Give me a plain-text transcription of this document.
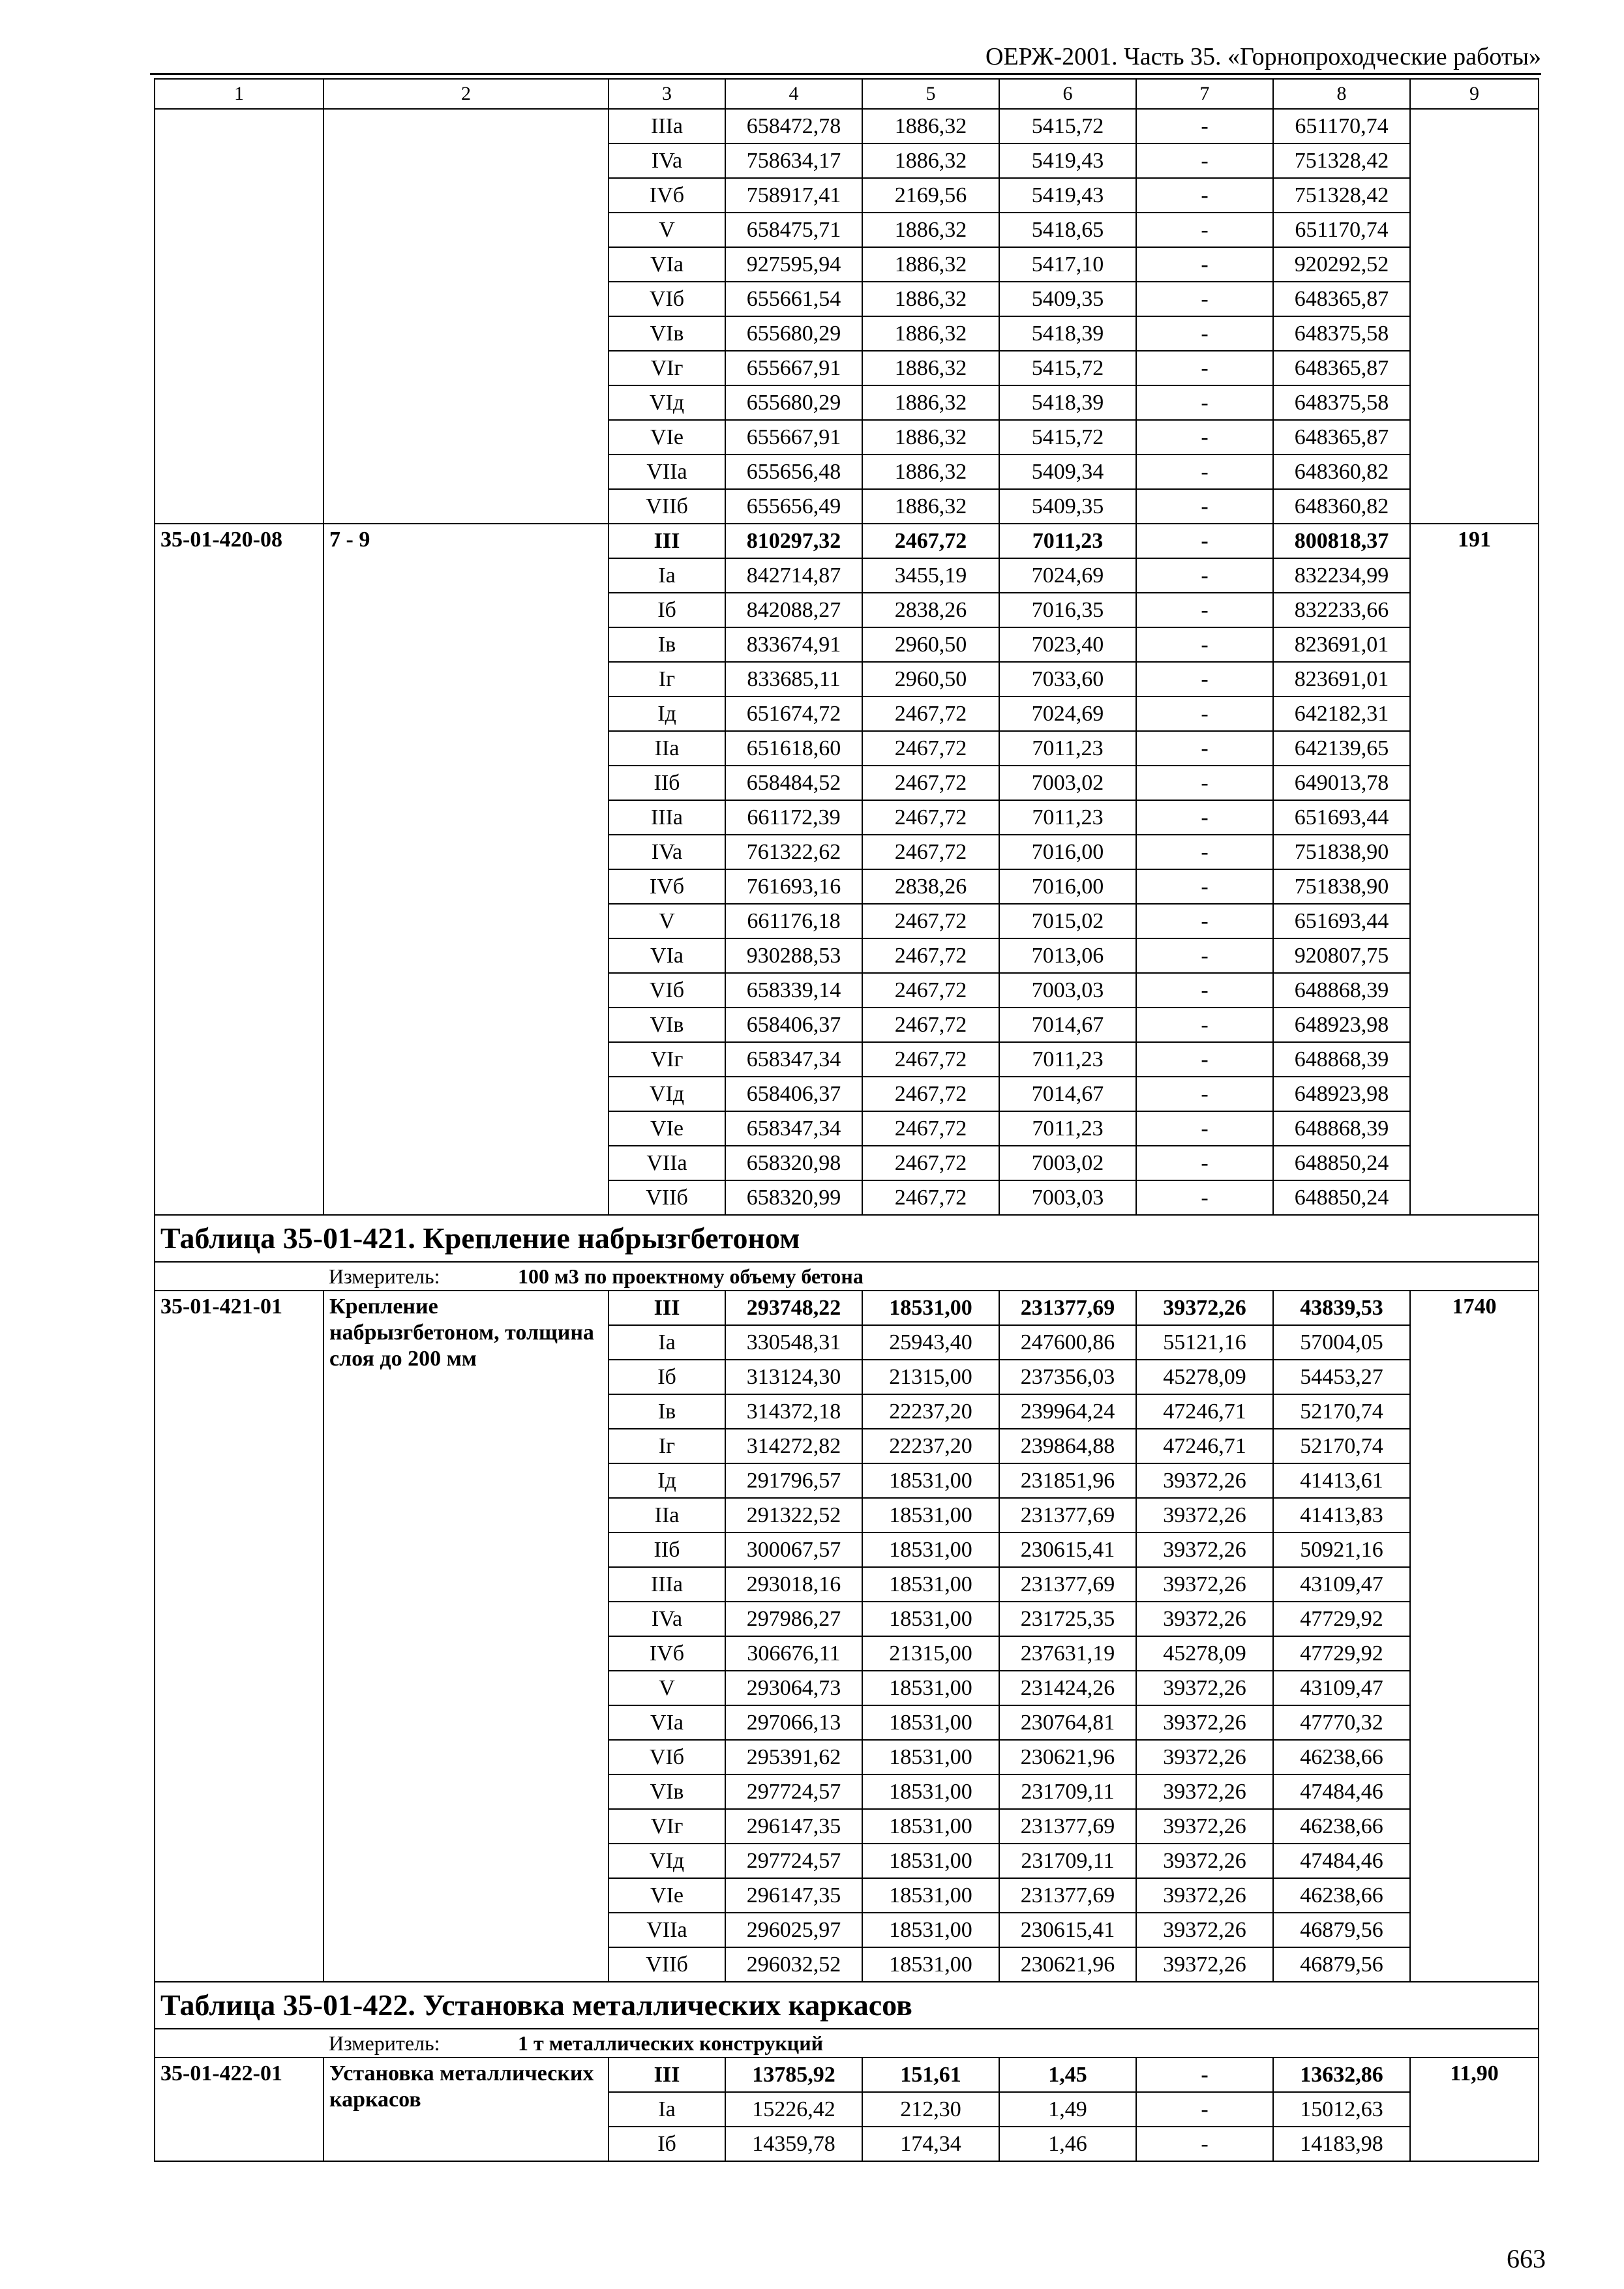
ОЕРЖ-2001. Часть 35. «Горнопроходческие работы»
1	2	3	4	5	6	7	8	9
		IIIa	658472,78	1886,32	5415,72	-	651170,74	
		IVa	758634,17	1886,32	5419,43	-	751328,42	
		IVб	758917,41	2169,56	5419,43	-	751328,42	
		V	658475,71	1886,32	5418,65	-	651170,74	
		VIa	927595,94	1886,32	5417,10	-	920292,52	
		VIб	655661,54	1886,32	5409,35	-	648365,87	
		VIв	655680,29	1886,32	5418,39	-	648375,58	
		VIг	655667,91	1886,32	5415,72	-	648365,87	
		VIд	655680,29	1886,32	5418,39	-	648375,58	
		VIe	655667,91	1886,32	5415,72	-	648365,87	
		VIIa	655656,48	1886,32	5409,34	-	648360,82	
		VIIб	655656,49	1886,32	5409,35	-	648360,82	
35-01-420-08	7 - 9	III	810297,32	2467,72	7011,23	-	800818,37	191
		Ia	842714,87	3455,19	7024,69	-	832234,99	
		Iб	842088,27	2838,26	7016,35	-	832233,66	
		Iв	833674,91	2960,50	7023,40	-	823691,01	
		Iг	833685,11	2960,50	7033,60	-	823691,01	
		Iд	651674,72	2467,72	7024,69	-	642182,31	
		IIa	651618,60	2467,72	7011,23	-	642139,65	
		IIб	658484,52	2467,72	7003,02	-	649013,78	
		IIIa	661172,39	2467,72	7011,23	-	651693,44	
		IVa	761322,62	2467,72	7016,00	-	751838,90	
		IVб	761693,16	2838,26	7016,00	-	751838,90	
		V	661176,18	2467,72	7015,02	-	651693,44	
		VIa	930288,53	2467,72	7013,06	-	920807,75	
		VIб	658339,14	2467,72	7003,03	-	648868,39	
		VIв	658406,37	2467,72	7014,67	-	648923,98	
		VIг	658347,34	2467,72	7011,23	-	648868,39	
		VIд	658406,37	2467,72	7014,67	-	648923,98	
		VIe	658347,34	2467,72	7011,23	-	648868,39	
		VIIa	658320,98	2467,72	7003,02	-	648850,24	
		VIIб	658320,99	2467,72	7003,03	-	648850,24	
Таблица 35-01-421. Крепление набрызгбетоном								
Измеритель: 100 м3 по проектному объему бетона								
35-01-421-01	Крепление набрызгбетоном, толщина слоя до 200 мм	III	293748,22	18531,00	231377,69	39372,26	43839,53	1740
		Ia	330548,31	25943,40	247600,86	55121,16	57004,05	
		Iб	313124,30	21315,00	237356,03	45278,09	54453,27	
		Iв	314372,18	22237,20	239964,24	47246,71	52170,74	
		Iг	314272,82	22237,20	239864,88	47246,71	52170,74	
		Iд	291796,57	18531,00	231851,96	39372,26	41413,61	
		IIa	291322,52	18531,00	231377,69	39372,26	41413,83	
		IIб	300067,57	18531,00	230615,41	39372,26	50921,16	
		IIIa	293018,16	18531,00	231377,69	39372,26	43109,47	
		IVa	297986,27	18531,00	231725,35	39372,26	47729,92	
		IVб	306676,11	21315,00	237631,19	45278,09	47729,92	
		V	293064,73	18531,00	231424,26	39372,26	43109,47	
		VIa	297066,13	18531,00	230764,81	39372,26	47770,32	
		VIб	295391,62	18531,00	230621,96	39372,26	46238,66	
		VIв	297724,57	18531,00	231709,11	39372,26	47484,46	
		VIг	296147,35	18531,00	231377,69	39372,26	46238,66	
		VIд	297724,57	18531,00	231709,11	39372,26	47484,46	
		VIe	296147,35	18531,00	231377,69	39372,26	46238,66	
		VIIa	296025,97	18531,00	230615,41	39372,26	46879,56	
		VIIб	296032,52	18531,00	230621,96	39372,26	46879,56	
Таблица 35-01-422. Установка металлических каркасов								
Измеритель: 1 т металлических конструкций								
35-01-422-01	Установка металлических каркасов	III	13785,92	151,61	1,45	-	13632,86	11,90
		Ia	15226,42	212,30	1,49	-	15012,63	
		Iб	14359,78	174,34	1,46	-	14183,98	
663
